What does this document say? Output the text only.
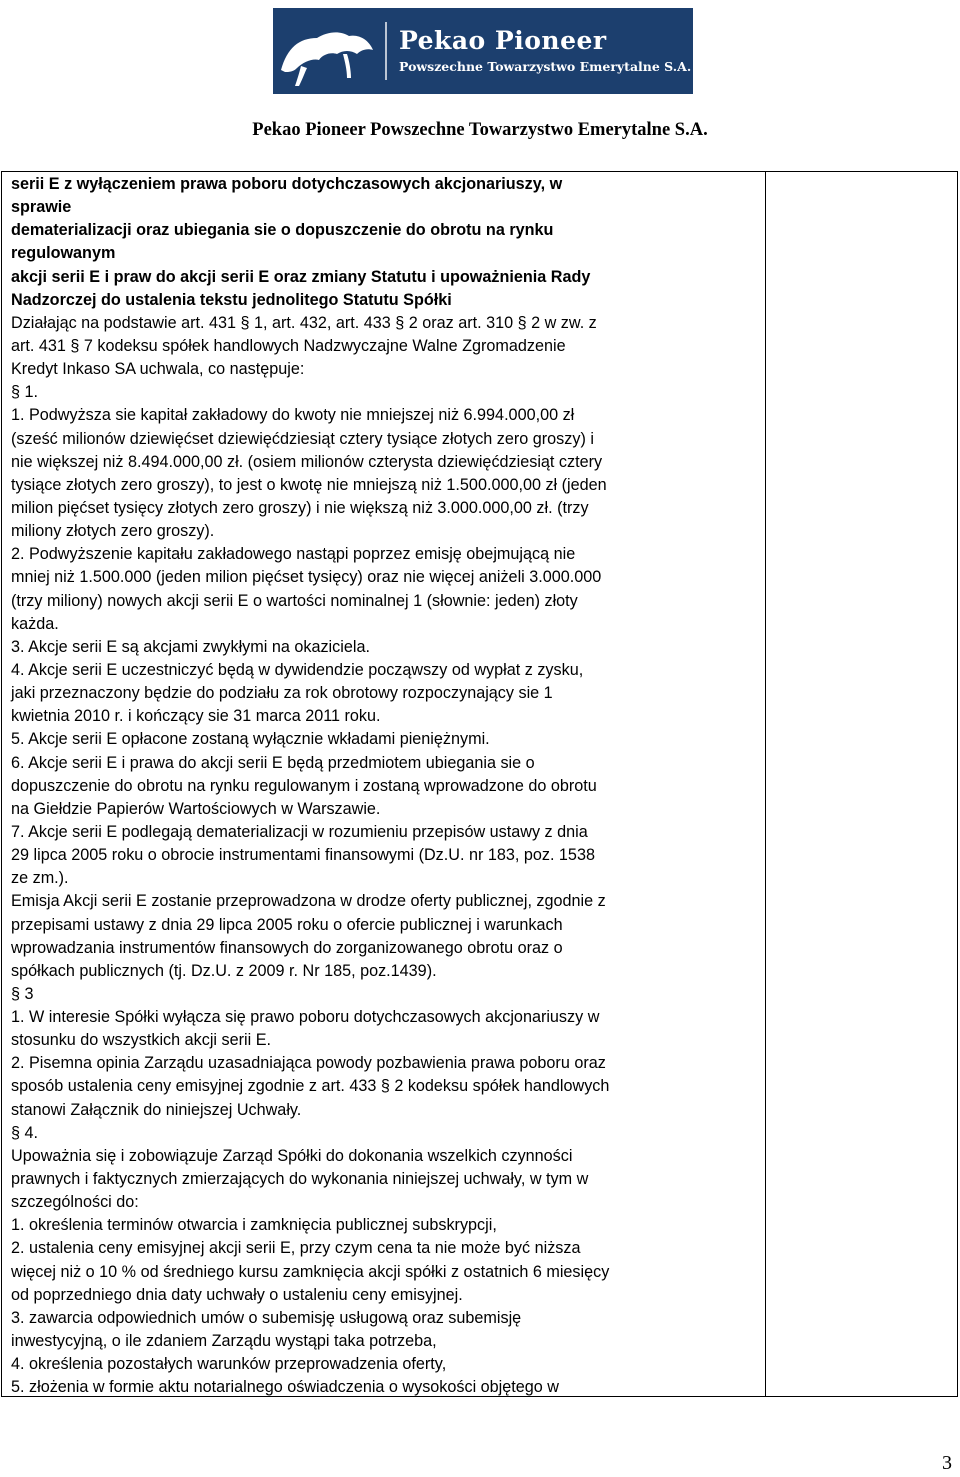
Pekao Pioneer
Powszechne Towarzystwo Emerytalne S.A.
Pekao Pioneer Powszechne Towarzystwo Emerytalne S.A.
serii E z wyłączeniem prawa poboru dotychczasowych akcjonariuszy, w
sprawie
dematerializacji oraz ubiegania sie o dopuszczenie do obrotu na rynku
regulowanym
akcji serii E i praw do akcji serii E oraz zmiany Statutu i upoważnienia Rady
Nadzorczej do ustalenia tekstu jednolitego Statutu Spółki
Działając na podstawie art. 431 § 1, art. 432, art. 433 § 2 oraz art. 310 § 2 w zw. z
art. 431 § 7 kodeksu spółek handlowych Nadzwyczajne Walne Zgromadzenie
Kredyt Inkaso SA uchwala, co następuje:
§ 1.
1. Podwyższa sie kapitał zakładowy do kwoty nie mniejszej niż 6.994.000,00 zł
(sześć milionów dziewięćset dziewięćdziesiąt cztery tysiące złotych zero groszy) i
nie większej niż 8.494.000,00 zł. (osiem milionów czterysta dziewięćdziesiąt cztery
tysiące złotych zero groszy), to jest o kwotę nie mniejszą niż 1.500.000,00 zł (jeden
milion pięćset tysięcy złotych zero groszy) i nie większą niż 3.000.000,00 zł. (trzy
miliony złotych zero groszy).
2. Podwyższenie kapitału zakładowego nastąpi poprzez emisję obejmującą nie
mniej niż 1.500.000 (jeden milion pięćset tysięcy) oraz nie więcej aniżeli 3.000.000
(trzy miliony) nowych akcji serii E o wartości nominalnej 1 (słownie: jeden) złoty
każda.
3. Akcje serii E są akcjami zwykłymi na okaziciela.
4. Akcje serii E uczestniczyć będą w dywidendzie począwszy od wypłat z zysku,
jaki przeznaczony będzie do podziału za rok obrotowy rozpoczynający sie 1
kwietnia 2010 r. i kończący sie 31 marca 2011 roku.
5. Akcje serii E opłacone zostaną wyłącznie wkładami pieniężnymi.
6. Akcje serii E i prawa do akcji serii E będą przedmiotem ubiegania sie o
dopuszczenie do obrotu na rynku regulowanym i zostaną wprowadzone do obrotu
na Giełdzie Papierów Wartościowych w Warszawie.
7. Akcje serii E podlegają dematerializacji w rozumieniu przepisów ustawy z dnia
29 lipca 2005 roku o obrocie instrumentami finansowymi (Dz.U. nr 183, poz. 1538
ze zm.).
Emisja Akcji serii E zostanie przeprowadzona w drodze oferty publicznej, zgodnie z
przepisami ustawy z dnia 29 lipca 2005 roku o ofercie publicznej i warunkach
wprowadzania instrumentów finansowych do zorganizowanego obrotu oraz o
spółkach publicznych (tj. Dz.U. z 2009 r. Nr 185, poz.1439).
§ 3
1. W interesie Spółki wyłącza się prawo poboru dotychczasowych akcjonariuszy w
stosunku do wszystkich akcji serii E.
2. Pisemna opinia Zarządu uzasadniająca powody pozbawienia prawa poboru oraz
sposób ustalenia ceny emisyjnej zgodnie z art. 433 § 2 kodeksu spółek handlowych
stanowi Załącznik do niniejszej Uchwały.
§ 4.
Upoważnia się i zobowiązuje Zarząd Spółki do dokonania wszelkich czynności
prawnych i faktycznych zmierzających do wykonania niniejszej uchwały, w tym w
szczególności do:
1. określenia terminów otwarcia i zamknięcia publicznej subskrypcji,
2. ustalenia ceny emisyjnej akcji serii E, przy czym cena ta nie może być niższa
więcej niż o 10 % od średniego kursu zamknięcia akcji spółki z ostatnich 6 miesięcy
od poprzedniego dnia daty uchwały o ustaleniu ceny emisyjnej.
3. zawarcia odpowiednich umów o subemisję usługową oraz subemisję
inwestycyjną, o ile zdaniem Zarządu wystąpi taka potrzeba,
4. określenia pozostałych warunków przeprowadzenia oferty,
5. złożenia w formie aktu notarialnego oświadczenia o wysokości objętego w
3
